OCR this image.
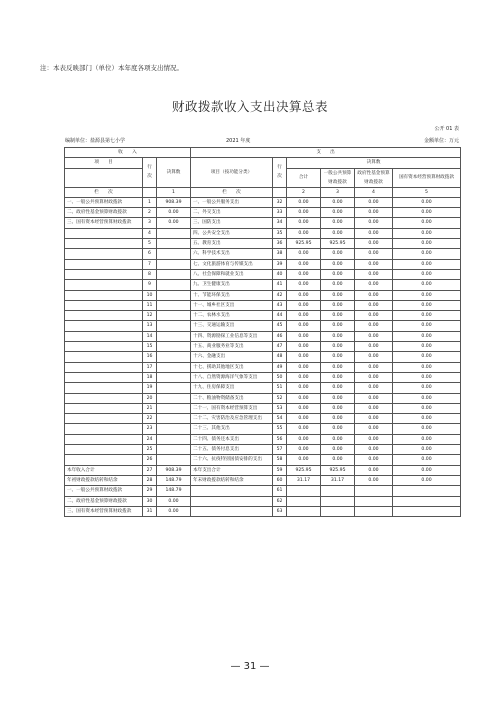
注：本表反映部门（单位）本年度各项支出情况。
财政拨款收入支出决算总表
公开 01 表
编制单位：盐源县第七小学	2021 年度	金额单位：万元
收　　入			支　　出					
项　　目	行次	决算数	项目（按功能分类）	行次	决算数			
					合计	一般公共预算财政拨款	政府性基金预算财政拨款	国有资本经营预算财政拨款

栏　　次		1	栏　　次		2	3	4	5
一、一般公共预算财政拨款	1	908.39	一、一般公共服务支出	32	0.00	0.00	0.00	0.00
二、政府性基金预算财政拨款	2	0.00	二、外交支出	33	0.00	0.00	0.00	0.00
三、国有资本经营预算财政拨款	3	0.00	三、国防支出	34	0.00	0.00	0.00	0.00
	4		四、公共安全支出	35	0.00	0.00	0.00	0.00
	5		五、教育支出	36	925.95	925.95	0.00	0.00
	6		六、科学技术支出	38	0.00	0.00	0.00	0.00
	7		七、文化旅游体育与传媒支出	39	0.00	0.00	0.00	0.00
	8		八、社会保障和就业支出	40	0.00	0.00	0.00	0.00
	9		九、卫生健康支出	41	0.00	0.00	0.00	0.00
	10		十、节能环保支出	42	0.00	0.00	0.00	0.00
	11		十一、城乡社区支出	43	0.00	0.00	0.00	0.00
	12		十二、农林水支出	44	0.00	0.00	0.00	0.00
	13		十三、交通运输支出	45	0.00	0.00	0.00	0.00
	14		十四、资源勘探工业信息等支出	46	0.00	0.00	0.00	0.00
	15		十五、商业服务业等支出	47	0.00	0.00	0.00	0.00
	16		十六、金融支出	48	0.00	0.00	0.00	0.00
	17		十七、援助其他地区支出	49	0.00	0.00	0.00	0.00
	18		十八、自然资源海洋气象等支出	50	0.00	0.00	0.00	0.00
	19		十九、住房保障支出	51	0.00	0.00	0.00	0.00
	20		二十、粮油物资储备支出	52	0.00	0.00	0.00	0.00
	21		二十一、国有资本经营预算支出	53	0.00	0.00	0.00	0.00
	22		二十二、灾害防治及应急管理支出	54	0.00	0.00	0.00	0.00
	23		二十三、其他支出	55	0.00	0.00	0.00	0.00
	24		二十四、债务还本支出	56	0.00	0.00	0.00	0.00
	25		二十五、债务付息支出	57	0.00	0.00	0.00	0.00
	26		二十六、抗疫特别国债安排的支出	58	0.00	0.00	0.00	0.00
本年收入合计	27	908.39	本年支出合计	59	925.95	925.95	0.00	0.00
年初财政拨款结转和结余	28	148.79	年末财政拨款结转和结余	60	31.17	31.17	0.00	0.00
一、一般公共预算财政拨款	29	148.79		61				
二、政府性基金预算财政拨款	30	0.00		62				
三、国有资本经营预算财政拨款	31	0.00		63				
— 31 —
